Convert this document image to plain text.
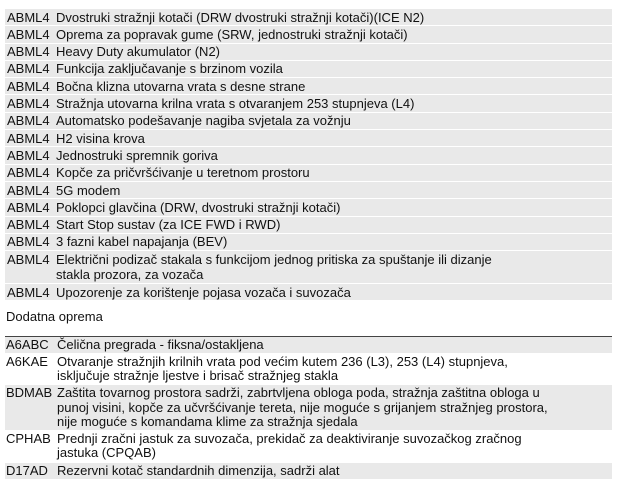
ABML4 Dvostruki stražnji kotači (DRW dvostruki stražnji kotači)(ICE N2)
ABML4 Oprema za popravak gume (SRW, jednostruki stražnji kotači)
ABML4 Heavy Duty akumulator (N2)
ABML4 Funkcija zaključavanje s brzinom vozila
ABML4 Bočna klizna utovarna vrata s desne strane
ABML4 Stražnja utovarna krilna vrata s otvaranjem 253 stupnjeva (L4)
ABML4 Automatsko podešavanje nagiba svjetala za vožnju
ABML4 H2 visina krova
ABML4 Jednostruki spremnik goriva
ABML4 Kopče za pričvršćivanje u teretnom prostoru
ABML4 5G modem
ABML4 Poklopci glavčina (DRW, dvostruki stražnji kotači)
ABML4 Start Stop sustav (za ICE FWD i RWD)
ABML4 3 fazni kabel napajanja (BEV)
ABML4 Električni podizač stakala s funkcijom jednog pritiska za spuštanje ili dizanje stakla prozora, za vozača
ABML4 Upozorenje za korištenje pojasa vozača i suvozača
Dodatna oprema
A6ABC Čelična pregrada - fiksna/ostakljena
A6KAE Otvaranje stražnjih krilnih vrata pod većim kutem 236 (L3), 253 (L4) stupnjeva, isključuje stražnje ljestve i brisač stražnjeg stakla
BDMAB Zaštita tovarnog prostora sadrži, zabrtvljena obloga poda, stražnja zaštitna obloga u punoj visini, kopče za učvršćivanje tereta, nije moguće s grijanjem stražnjeg prostora, nije moguće s komandama klime za stražnja sjedala
CPHAB Prednji zračni jastuk za suvozača, prekidač za deaktiviranje suvozačkog zračnog jastuka (CPQAB)
D17AD Rezervni kotač standardnih dimenzija, sadrži alat
